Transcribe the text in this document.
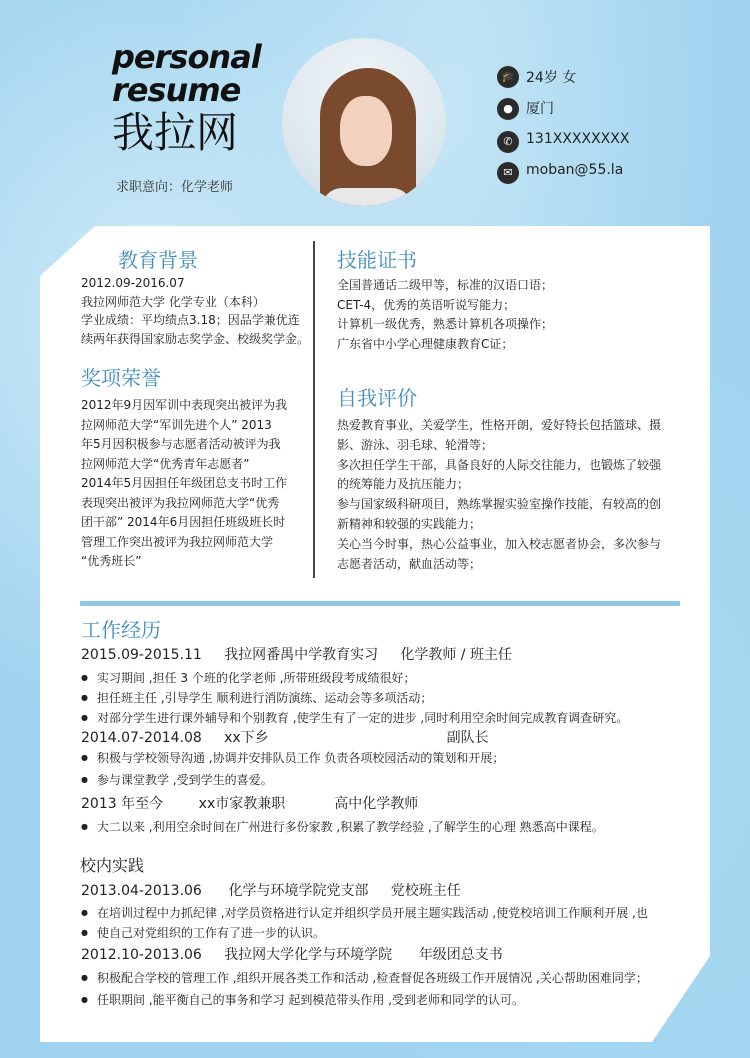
personal
resume
我拉网
求职意向：化学老师
🎓 24岁 女
● 厦门
✆ 131XXXXXXXX
✉ moban@55.la
教育背景
2012.09-2016.07
我拉网师范大学 化学专业（本科）
学业成绩：平均绩点3.18；因品学兼优连
续两年获得国家励志奖学金、校级奖学金。
奖项荣誉
2012年9月因军训中表现突出被评为我
拉网师范大学“军训先进个人” 2013
年5月因积极参与志愿者活动被评为我
拉网师范大学“优秀青年志愿者”
2014年5月因担任年级团总支书时工作
表现突出被评为我拉网师范大学“优秀
团干部” 2014年6月因担任班级班长时
管理工作突出被评为我拉网师范大学
“优秀班长”
技能证书
全国普通话二级甲等，标准的汉语口语；
CET-4，优秀的英语听说写能力；
计算机一级优秀，熟悉计算机各项操作；
广东省中小学心理健康教育C证；
自我评价
热爱教育事业，关爱学生，性格开朗，爱好特长包括篮球、摄
影、游泳、羽毛球、轮滑等；
多次担任学生干部，具备良好的人际交往能力，也锻炼了较强
的统筹能力及抗压能力；
参与国家级科研项目，熟练掌握实验室操作技能，有较高的创
新精神和较强的实践能力；
关心当今时事，热心公益事业，加入校志愿者协会，多次参与
志愿者活动，献血活动等；
工作经历
校内实践
2015.09-2015.11     我拉网番禺中学教育实习     化学教师 / 班主任
● 实习期间 ,担任 3 个班的化学老师 ,所带班级段考成绩很好；
● 担任班主任 ,引导学生 顺利进行消防演练、运动会等多项活动；
● 对部分学生进行课外辅导和个别教育 ,使学生有了一定的进步 ,同时利用空余时间完成教育调查研究。
2014.07-2014.08     xx下乡                                        副队长
● 积极与学校领导沟通 ,协调并安排队员工作 负责各项校园活动的策划和开展；
● 参与课堂教学 ,受到学生的喜爱。
2013 年至今        xx市家教兼职           高中化学教师
● 大二以来 ,利用空余时间在广州进行多份家教 ,积累了教学经验 ,了解学生的心理 熟悉高中课程。
2013.04-2013.06      化学与环境学院党支部     党校班主任
● 在培训过程中力抓纪律 ,对学员资格进行认定并组织学员开展主题实践活动 ,使党校培训工作顺利开展 ,也
● 使自己对党组织的工作有了进一步的认识。
2012.10-2013.06     我拉网大学化学与环境学院      年级团总支书
● 积极配合学校的管理工作 ,组织开展各类工作和活动 ,检查督促各班级工作开展情况 ,关心帮助困难同学；
● 任职期间 ,能平衡自己的事务和学习 起到模范带头作用 ,受到老师和同学的认可。
